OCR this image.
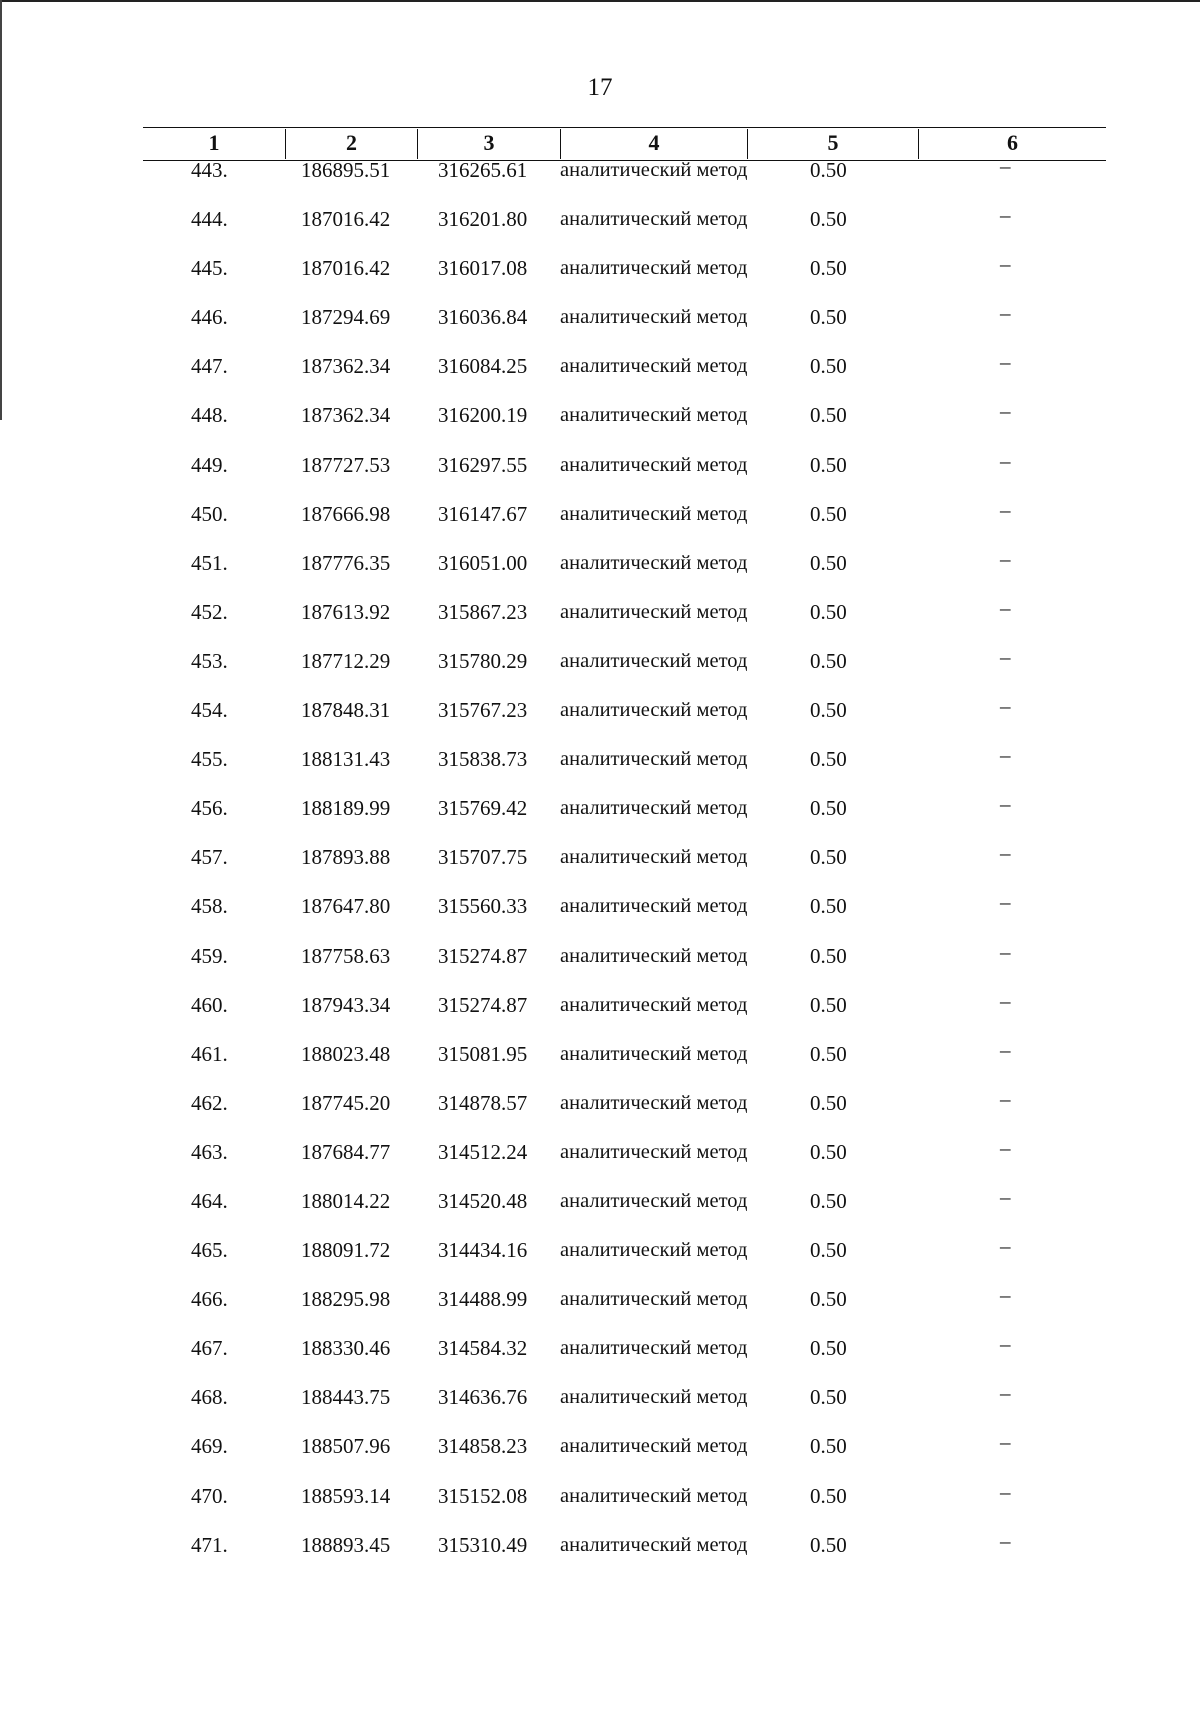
17
1	2	3	4	5	6
443.	186895.51 316265.61 аналитический метод	0.50	–
444.	187016.42 316201.80 аналитический метод	0.50	–
445.	187016.42 316017.08 аналитический метод	0.50	–
446.	187294.69 316036.84 аналитический метод	0.50	–
447.	187362.34 316084.25 аналитический метод	0.50	–
448.	187362.34 316200.19 аналитический метод	0.50	–
449.	187727.53 316297.55 аналитический метод	0.50	–
450.	187666.98 316147.67 аналитический метод	0.50	–
451.	187776.35 316051.00 аналитический метод	0.50	–
452.	187613.92 315867.23 аналитический метод	0.50	–
453.	187712.29 315780.29 аналитический метод	0.50	–
454.	187848.31 315767.23 аналитический метод	0.50	–
455.	188131.43 315838.73 аналитический метод	0.50	–
456.	188189.99 315769.42 аналитический метод	0.50	–
457.	187893.88 315707.75 аналитический метод	0.50	–
458.	187647.80 315560.33 аналитический метод	0.50	–
459.	187758.63 315274.87 аналитический метод	0.50	–
460.	187943.34 315274.87 аналитический метод	0.50	–
461.	188023.48 315081.95 аналитический метод	0.50	–
462.	187745.20 314878.57 аналитический метод	0.50	–
463.	187684.77 314512.24 аналитический метод	0.50	–
464.	188014.22 314520.48 аналитический метод	0.50	–
465.	188091.72 314434.16 аналитический метод	0.50	–
466.	188295.98 314488.99 аналитический метод	0.50	–
467.	188330.46 314584.32 аналитический метод	0.50	–
468.	188443.75 314636.76 аналитический метод	0.50	–
469.	188507.96 314858.23 аналитический метод	0.50	–
470.	188593.14 315152.08 аналитический метод	0.50	–
471.	188893.45 315310.49 аналитический метод	0.50	–
